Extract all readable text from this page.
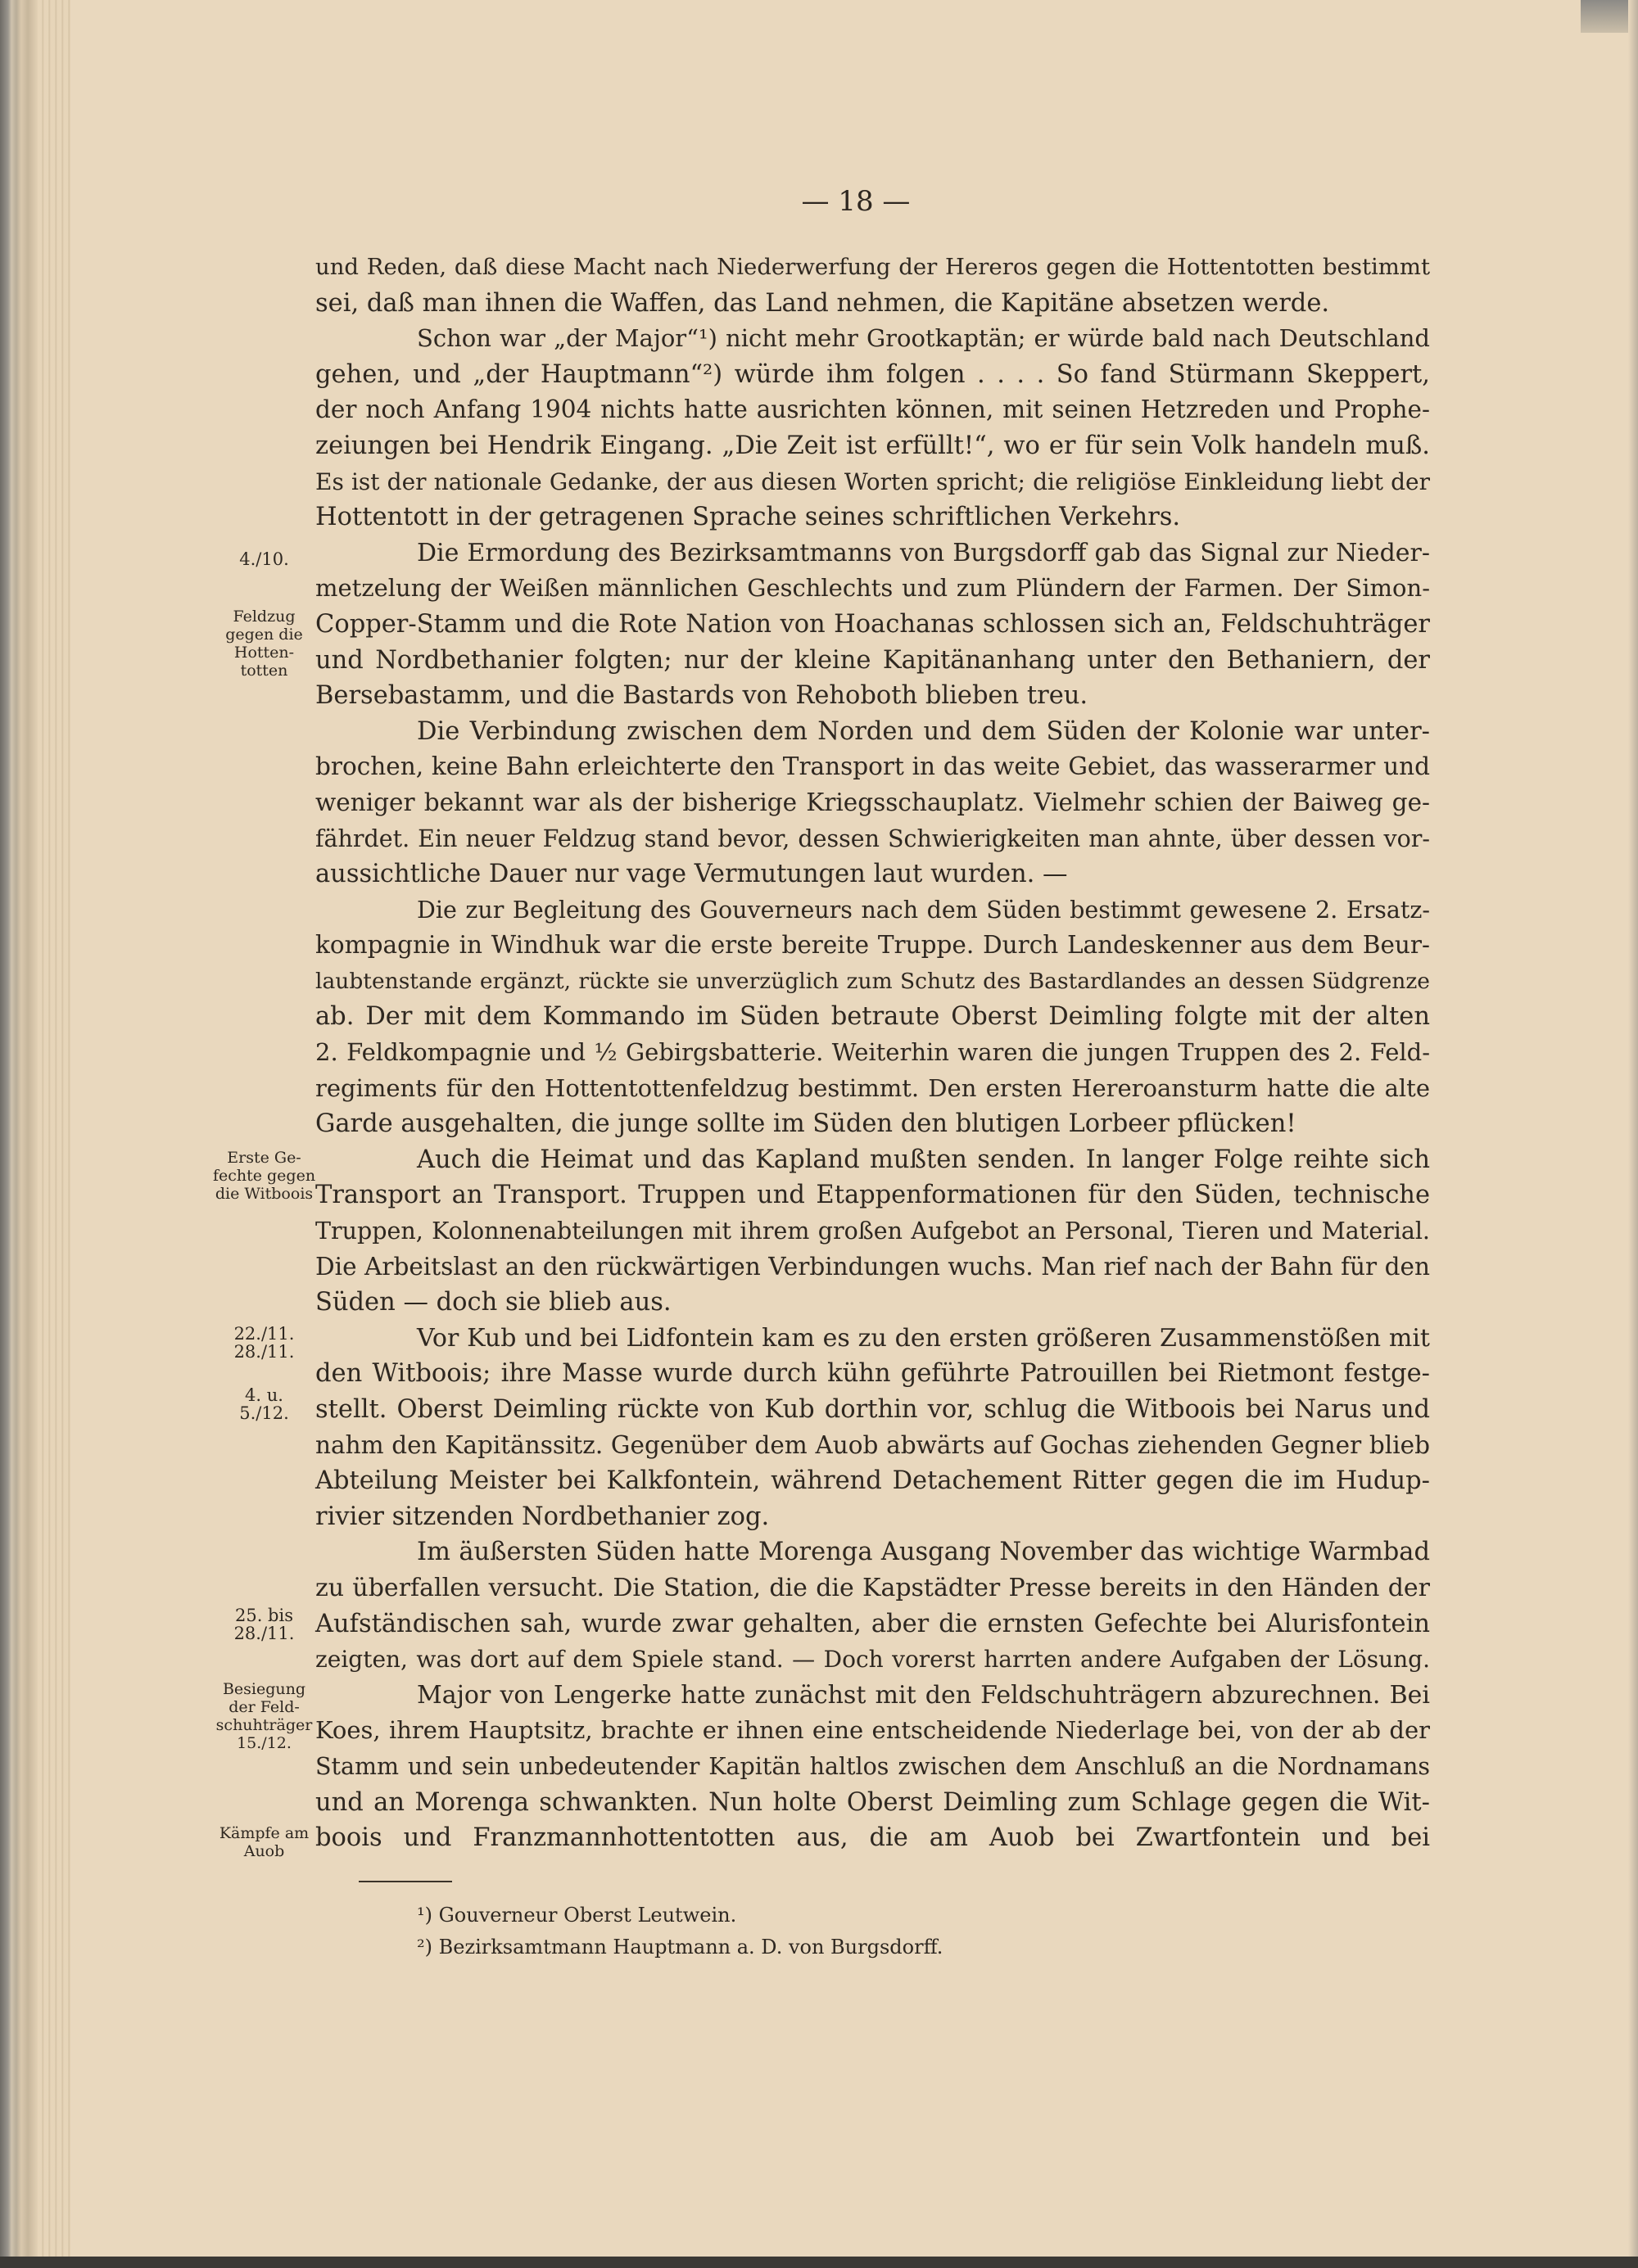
— 18 —
und Reden, daß diese Macht nach Niederwerfung der Hereros gegen die Hottentotten bestimmt
sei, daß man ihnen die Waffen, das Land nehmen, die Kapitäne absetzen werde.
Schon war „der Major“¹) nicht mehr Grootkaptän; er würde bald nach Deutschland
gehen, und „der Hauptmann“²) würde ihm folgen . . . . So fand Stürmann Skeppert,
der noch Anfang 1904 nichts hatte ausrichten können, mit seinen Hetzreden und Prophe-
zeiungen bei Hendrik Eingang. „Die Zeit ist erfüllt!“, wo er für sein Volk handeln muß.
Es ist der nationale Gedanke, der aus diesen Worten spricht; die religiöse Einkleidung liebt der
Hottentott in der getragenen Sprache seines schriftlichen Verkehrs.
Die Ermordung des Bezirksamtmanns von Burgsdorff gab das Signal zur Nieder-
metzelung der Weißen männlichen Geschlechts und zum Plündern der Farmen. Der Simon-
Copper-Stamm und die Rote Nation von Hoachanas schlossen sich an, Feldschuhträger
und Nordbethanier folgten; nur der kleine Kapitänanhang unter den Bethaniern, der
Bersebastamm, und die Bastards von Rehoboth blieben treu.
Die Verbindung zwischen dem Norden und dem Süden der Kolonie war unter-
brochen, keine Bahn erleichterte den Transport in das weite Gebiet, das wasserarmer und
weniger bekannt war als der bisherige Kriegsschauplatz. Vielmehr schien der Baiweg ge-
fährdet. Ein neuer Feldzug stand bevor, dessen Schwierigkeiten man ahnte, über dessen vor-
aussichtliche Dauer nur vage Vermutungen laut wurden. —
Die zur Begleitung des Gouverneurs nach dem Süden bestimmt gewesene 2. Ersatz-
kompagnie in Windhuk war die erste bereite Truppe. Durch Landeskenner aus dem Beur-
laubtenstande ergänzt, rückte sie unverzüglich zum Schutz des Bastardlandes an dessen Südgrenze
ab. Der mit dem Kommando im Süden betraute Oberst Deimling folgte mit der alten
2. Feldkompagnie und ½ Gebirgsbatterie. Weiterhin waren die jungen Truppen des 2. Feld-
regiments für den Hottentottenfeldzug bestimmt. Den ersten Hereroansturm hatte die alte
Garde ausgehalten, die junge sollte im Süden den blutigen Lorbeer pflücken!
Auch die Heimat und das Kapland mußten senden. In langer Folge reihte sich
Transport an Transport. Truppen und Etappenformationen für den Süden, technische
Truppen, Kolonnenabteilungen mit ihrem großen Aufgebot an Personal, Tieren und Material.
Die Arbeitslast an den rückwärtigen Verbindungen wuchs. Man rief nach der Bahn für den
Süden — doch sie blieb aus.
Vor Kub und bei Lidfontein kam es zu den ersten größeren Zusammenstößen mit
den Witboois; ihre Masse wurde durch kühn geführte Patrouillen bei Rietmont festge-
stellt. Oberst Deimling rückte von Kub dorthin vor, schlug die Witboois bei Narus und
nahm den Kapitänssitz. Gegenüber dem Auob abwärts auf Gochas ziehenden Gegner blieb
Abteilung Meister bei Kalkfontein, während Detachement Ritter gegen die im Hudup-
rivier sitzenden Nordbethanier zog.
Im äußersten Süden hatte Morenga Ausgang November das wichtige Warmbad
zu überfallen versucht. Die Station, die die Kapstädter Presse bereits in den Händen der
Aufständischen sah, wurde zwar gehalten, aber die ernsten Gefechte bei Alurisfontein
zeigten, was dort auf dem Spiele stand. — Doch vorerst harrten andere Aufgaben der Lösung.
Major von Lengerke hatte zunächst mit den Feldschuhträgern abzurechnen. Bei
Koes, ihrem Hauptsitz, brachte er ihnen eine entscheidende Niederlage bei, von der ab der
Stamm und sein unbedeutender Kapitän haltlos zwischen dem Anschluß an die Nordnamans
und an Morenga schwankten. Nun holte Oberst Deimling zum Schlage gegen die Wit-
boois und Franzmannhottentotten aus, die am Auob bei Zwartfontein und bei
4./10.
Feldzug
gegen die
Hotten-
totten
Erste Ge-
fechte gegen
die Witboois
22./11.
28./11.
4. u.
5./12.
25. bis
28./11.
Besiegung
der Feld-
schuhträger
15./12.
Kämpfe am
Auob
¹) Gouverneur Oberst Leutwein.
²) Bezirksamtmann Hauptmann a. D. von Burgsdorff.
